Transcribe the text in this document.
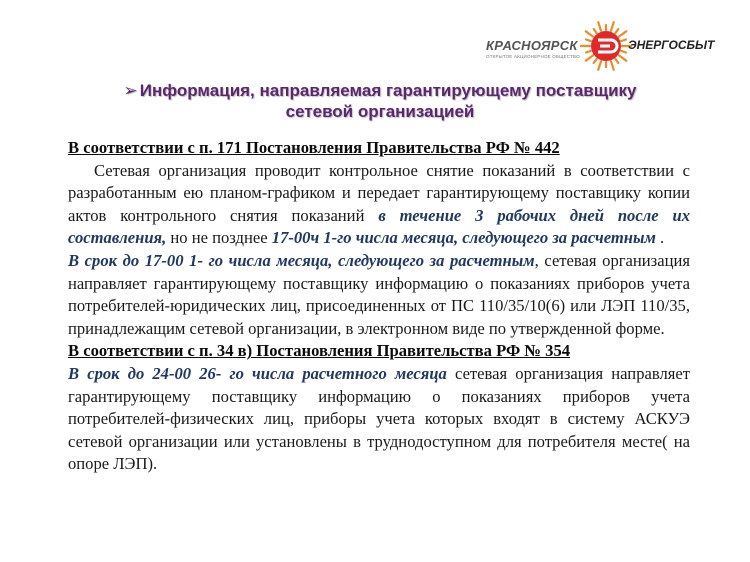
КРАСНОЯРСК
ОТКРЫТОЕ АКЦИОНЕРНОЕ ОБЩЕСТВО
ЭНЕРГОСБЫТ
➢ Информация, направляемая гарантирующему поставщику
сетевой организацией

В соответствии с п. 171 Постановления Правительства РФ № 442

Сетевая организация проводит контрольное снятие показаний в соответствии с разработанным ею планом-графиком и передает гарантирующему поставщику копии актов контрольного снятия показаний в течение 3 рабочих дней после их составления, но не позднее 17-00ч 1-го числа месяца, следующего за расчетным .

В срок до 17-00 1- го числа месяца, следующего за расчетным, сетевая организация направляет гарантирующему поставщику информацию о показаниях приборов учета потребителей-юридических лиц, присоединенных от ПС 110/35/10(6) или ЛЭП 110/35, принадлежащим сетевой организации, в электронном виде по утвержденной форме.

В соответствии с п. 34 в) Постановления Правительства РФ № 354

В срок до 24-00 26- го числа расчетного месяца сетевая организация направляет гарантирующему поставщику информацию о показаниях приборов учета потребителей-физических лиц, приборы учета которых входят в систему АСКУЭ сетевой организации или установлены в труднодоступном для потребителя месте( на опоре ЛЭП).
